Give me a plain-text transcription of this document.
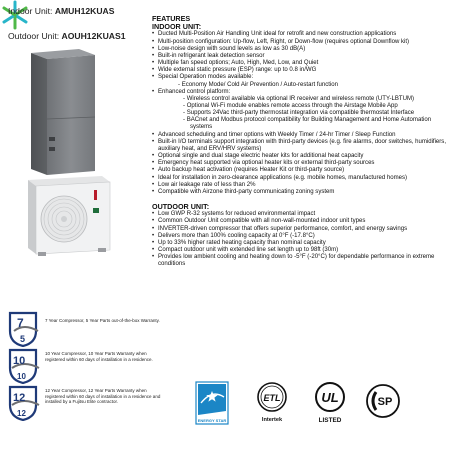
Indoor Unit: AMUH12KUAS
Outdoor Unit: AOUH12KUAS1
FEATURES
INDOOR UNIT:
• Ducted Multi-Position Air Handling Unit ideal for retrofit and new construction applications
• Multi-position configuration: Up-flow, Left, Right, or Down-flow (requires optional Downflow kit)
• Low-noise design with sound levels as low as 30 dB(A)
• Built-in refrigerant leak detection sensor
• Multiple fan speed options; Auto, High, Med, Low, and Quiet
• Wide external static pressure (ESP) range: up to 0.8 in/WG
• Special Operation modes available:
- Economy Mode/ Cold Air Prevention / Auto-restart function
• Enhanced control platform:
- Wireless control available via optional IR receiver and wireless remote (UTY-LBTUM)
- Optional Wi-Fi module enables remote access through the Airstage Mobile App
- Supports 24Vac third-party thermostat integration via compatible thermostat Interface
- BACnet and Modbus protocol compatibility for Building Management and Home Automation systems
• Advanced scheduling and timer options with Weekly Timer / 24-hr Timer / Sleep Function
• Built-in I/O terminals support integration with third-party devices (e.g. fire alarms, door switches, humidifiers, auxiliary heat, and ERV/HRV systems)
• Optional single and dual stage electric heater kits for additional heat capacity
• Emergency heat supported via optional heater kits or external third-party sources
• Auto backup heat activation (requires Heater Kit or third-party source)
• Ideal for installation in zero-clearance applications (e.g. mobile homes, manufactured homes)
• Low air leakage rate of less than 2%
• Compatible with Airzone third-party communicating zoning system
OUTDOOR UNIT:
• Low GWP R-32 systems for reduced environmental impact
• Common Outdoor Unit compatible with all non-wall-mounted indoor unit types
• INVERTER-driven compressor that offers superior performance, comfort, and energy savings
• Delivers more than 100% cooling capacity at 0°F (-17.8°C)
• Up to 33% higher rated heating capacity than nominal capacity
• Compact outdoor unit with extended line set length up to 98ft (30m)
• Provides low ambient cooling and heating down to -5°F (-20°C) for dependable performance in extreme conditions
7
5
7 Year Compressor, 5 Year Parts out-of-the-box Warranty.
10
10
10 Year Compressor, 10 Year Parts Warranty when registered within 60 days of installation in a residence.
12
12
12 Year Compressor, 12 Year Parts Warranty when registered within 60 days of installation in a residence and installed by a Fujitsu Elite contractor.
ENERGY STAR
ETL
Intertek
UL
LISTED
SP
